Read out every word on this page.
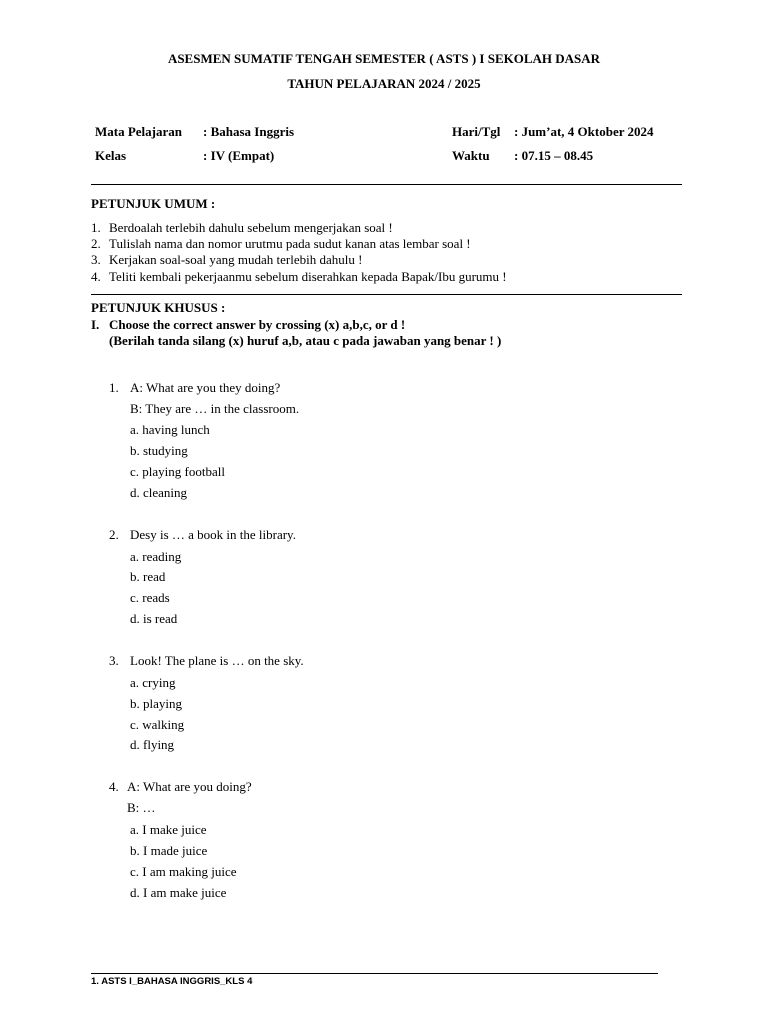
ASESMEN SUMATIF TENGAH SEMESTER ( ASTS ) I SEKOLAH DASAR
TAHUN PELAJARAN 2024 / 2025
Mata Pelajaran : Bahasa Inggris
Kelas	: IV (Empat)
Hari/Tgl : Jum’at, 4 Oktober 2024
Waktu : 07.15 – 08.45
PETUNJUK UMUM :
1. Berdoalah terlebih dahulu sebelum mengerjakan soal !
2. Tulislah nama dan nomor urutmu pada sudut kanan atas lembar soal !
3. Kerjakan soal-soal yang mudah terlebih dahulu !
4. Teliti kembali pekerjaanmu sebelum diserahkan kepada Bapak/Ibu gurumu !
PETUNJUK KHUSUS :
I. Choose the correct answer by crossing (x) a,b,c, or d !
(Berilah tanda silang (x) huruf a,b, atau c pada jawaban yang benar ! )
1. A: What are you they doing?
B: They are … in the classroom.
a. having lunch
b. studying
c. playing football
d. cleaning
2. Desy is … a book in the library.
a. reading
b. read
c. reads
d. is read
3. Look! The plane is … on the sky.
a. crying
b. playing
c. walking
d. flying
4. A: What are you doing?
B: …
a. I make juice
b. I made juice
c. I am making juice
d. I am make juice
1. ASTS I_BAHASA INGGRIS_KLS 4
